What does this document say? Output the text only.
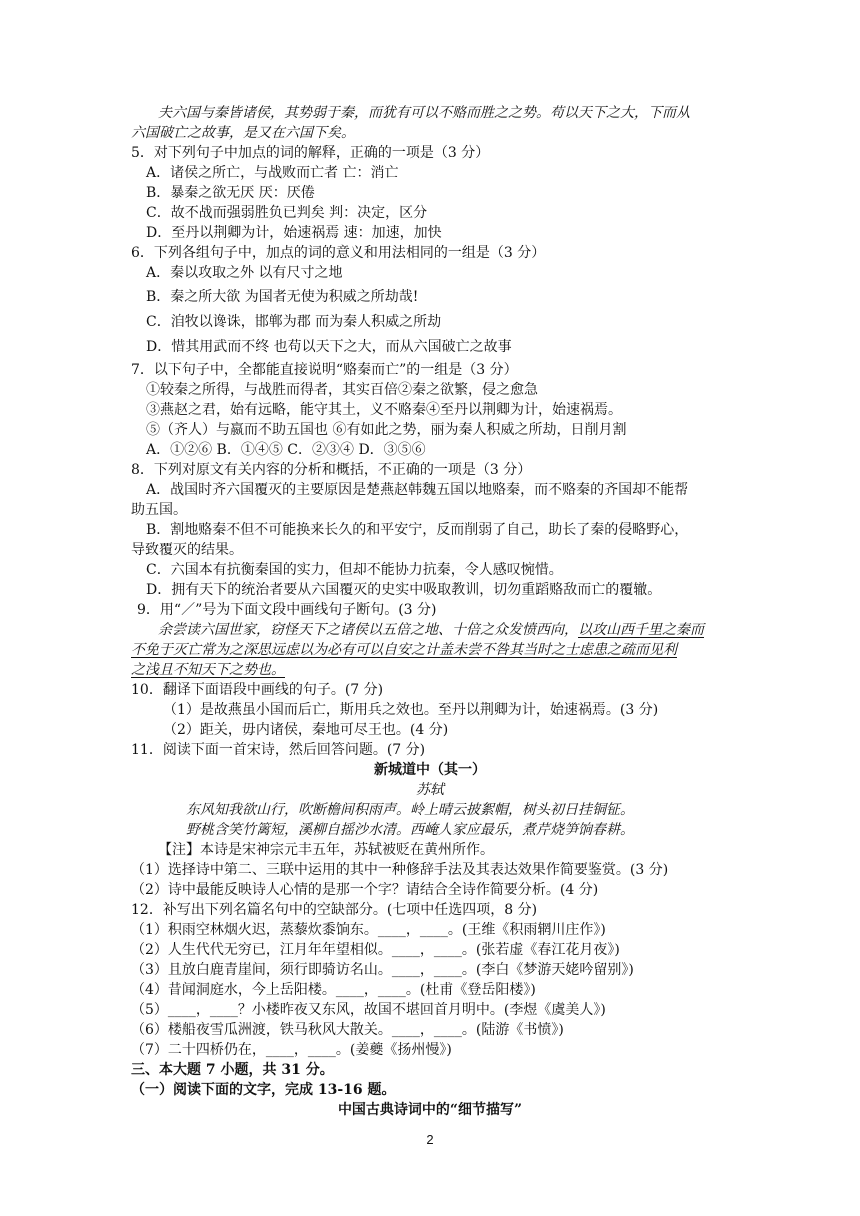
夫六国与秦皆诸侯，其势弱于秦，而犹有可以不赂而胜之之势。苟以天下之大，下而从
六国破亡之故事，是又在六国下矣。
5．对下列句子中加点的词的解释，正确的一项是（3 分）
A．诸侯之所亡，与战败而亡者 亡：消亡
B．暴秦之欲无厌 厌：厌倦
C．故不战而强弱胜负已判矣 判：决定，区分
D．至丹以荆卿为计，始速祸焉 速：加速，加快
6．下列各组句子中，加点的词的意义和用法相同的一组是（3 分）
A．秦以攻取之外 以有尺寸之地
B．秦之所大欲 为国者无使为积威之所劫哉!
C．洎牧以谗诛，邯郸为郡 而为秦人积威之所劫
D．惜其用武而不终 也苟以天下之大，而从六国破亡之故事
7．以下句子中，全都能直接说明“赂秦而亡”的一组是（3 分）
①较秦之所得，与战胜而得者，其实百倍②秦之欲繁，侵之愈急
③燕赵之君，始有远略，能守其土，义不赂秦④至丹以荆卿为计，始速祸焉。
⑤（齐人）与嬴而不助五国也 ⑥有如此之势，丽为秦人积威之所劫，日削月割
A．①②⑥ B．①④⑤ C．②③④ D．③⑤⑥
8．下列对原文有关内容的分析和概括，不正确的一项是（3 分）
A．战国时齐六国覆灭的主要原因是楚燕赵韩魏五国以地赂秦，而不赂秦的齐国却不能帮
助五国。
B．割地赂秦不但不可能换来长久的和平安宁，反而削弱了自己，助长了秦的侵略野心，
导致覆灭的结果。
C．六国本有抗衡秦国的实力，但却不能协力抗秦，令人感叹惋惜。
D．拥有天下的统治者要从六国覆灭的史实中吸取教训，切勿重蹈赂敌而亡的覆辙。
9．用“／”号为下面文段中画线句子断句。(3 分)
余尝读六国世家，窃怪天下之诸侯以五倍之地、十倍之众发愤西向，以攻山西千里之秦而
不免于灭亡常为之深思远虑以为必有可以自安之计盖未尝不咎其当时之士虑患之疏而见利
之浅且不知天下之势也。
10．翻译下面语段中画线的句子。(7 分)
（1）是故燕虽小国而后亡，斯用兵之效也。至丹以荆卿为计，始速祸焉。(3 分)
（2）距关，毋内诸侯，秦地可尽王也。(4 分)
11．阅读下面一首宋诗，然后回答问题。(7 分)
新城道中（其一）
苏轼
东风知我欲山行，吹断檐间积雨声。岭上晴云披絮帽，树头初日挂铜钲。
野桃含笑竹篱短，溪柳自摇沙水清。西崦人家应最乐，煮芹烧笋饷春耕。
【注】本诗是宋神宗元丰五年，苏轼被贬在黄州所作。
（1）选择诗中第二、三联中运用的其中一种修辞手法及其表达效果作简要鉴赏。(3 分)
（2）诗中最能反映诗人心情的是那一个字？请结合全诗作简要分析。(4 分)
12．补写出下列名篇名句中的空缺部分。(七项中任选四项，8 分)
（1）积雨空林烟火迟，蒸藜炊黍饷东。____，____。(王维《积雨辋川庄作》)
（2）人生代代无穷已，江月年年望相似。____，____。(张若虚《春江花月夜》)
（3）且放白鹿青崖间，须行即骑访名山。____，____。(李白《梦游天姥吟留别》)
（4）昔闻洞庭水，今上岳阳楼。____，____。(杜甫《登岳阳楼》)
（5）____，____？小楼昨夜又东风，故国不堪回首月明中。(李煜《虞美人》)
（6）楼船夜雪瓜洲渡，铁马秋风大散关。____，____。(陆游《书愤》)
（7）二十四桥仍在，____，____。(姜夔《扬州慢》)
三、本大题 7 小题，共 31 分。
（一）阅读下面的文字，完成 13-16 题。
中国古典诗词中的“细节描写”
2
